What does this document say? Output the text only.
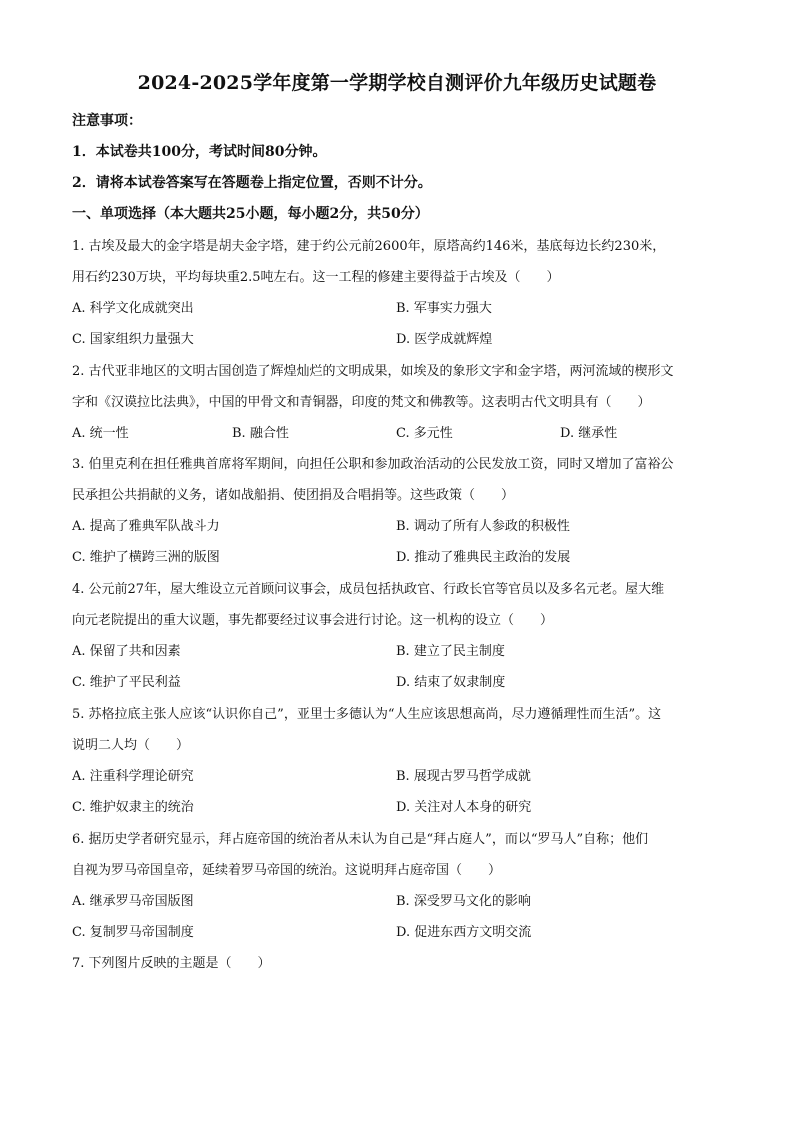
2024-2025学年度第一学期学校自测评价九年级历史试题卷
注意事项：
1．本试卷共100分，考试时间80分钟。
2．请将本试卷答案写在答题卷上指定位置，否则不计分。
一、单项选择（本大题共25小题，每小题2分，共50分）
1. 古埃及最大的金字塔是胡夫金字塔，建于约公元前2600年，原塔高约146米，基底每边长约230米，
用石约230万块，平均每块重2.5吨左右。这一工程的修建主要得益于古埃及（　　）
A. 科学文化成就突出	B. 军事实力强大
C. 国家组织力量强大	D. 医学成就辉煌
2. 古代亚非地区的文明古国创造了辉煌灿烂的文明成果，如埃及的象形文字和金字塔，两河流域的楔形文
字和《汉谟拉比法典》，中国的甲骨文和青铜器，印度的梵文和佛教等。这表明古代文明具有（　　）
A. 统一性	B. 融合性	C. 多元性	D. 继承性
3. 伯里克利在担任雅典首席将军期间，向担任公职和参加政治活动的公民发放工资，同时又增加了富裕公
民承担公共捐献的义务，诸如战船捐、使团捐及合唱捐等。这些政策（　　）
A. 提高了雅典军队战斗力	B. 调动了所有人参政的积极性
C. 维护了横跨三洲的版图	D. 推动了雅典民主政治的发展
4. 公元前27年，屋大维设立元首顾问议事会，成员包括执政官、行政长官等官员以及多名元老。屋大维
向元老院提出的重大议题，事先都要经过议事会进行讨论。这一机构的设立（　　）
A. 保留了共和因素	B. 建立了民主制度
C. 维护了平民利益	D. 结束了奴隶制度
5. 苏格拉底主张人应该“认识你自己”，亚里士多德认为“人生应该思想高尚，尽力遵循理性而生活”。这
说明二人均（　　）
A. 注重科学理论研究	B. 展现古罗马哲学成就
C. 维护奴隶主的统治	D. 关注对人本身的研究
6. 据历史学者研究显示，拜占庭帝国的统治者从未认为自己是“拜占庭人”，而以“罗马人”自称；他们
自视为罗马帝国皇帝，延续着罗马帝国的统治。这说明拜占庭帝国（　　）
A. 继承罗马帝国版图	B. 深受罗马文化的影响
C. 复制罗马帝国制度	D. 促进东西方文明交流
7. 下列图片反映的主题是（　　）
